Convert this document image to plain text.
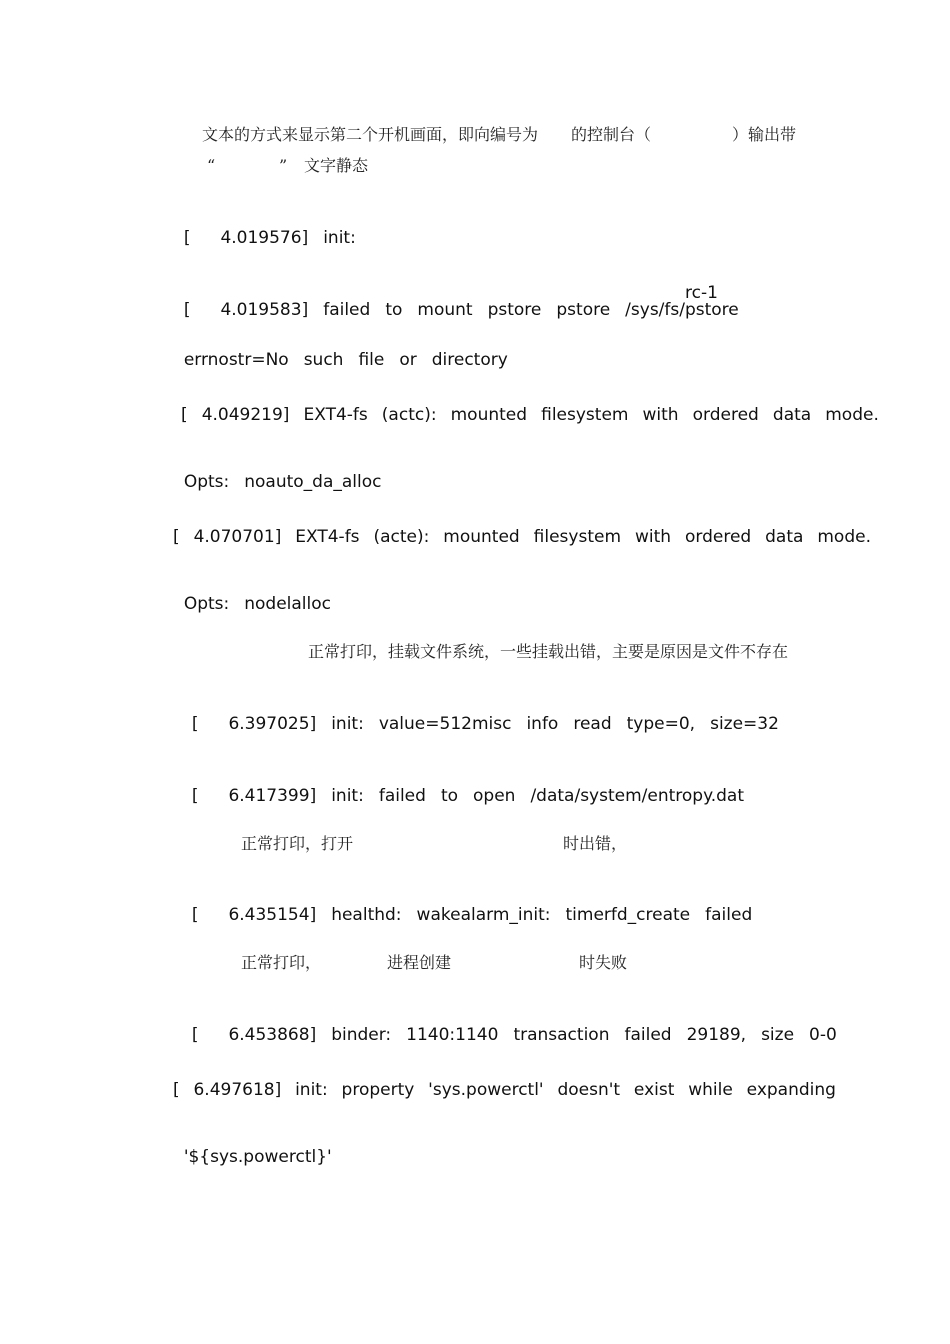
文本的方式来显示第二个开机画面，即向编号为 的控制台（	）输出带
“	” 文字静态

[ 4.019576] init:

[ 4.019583] failed to mount pstore pstore /sys/fs/pstore

rc-1

errnostr=No such file or directory

[ 4.049219] EXT4-fs (actc): mounted filesystem with ordered data mode.

Opts: noauto_da_alloc

[ 4.070701] EXT4-fs (acte): mounted filesystem with ordered data mode.

Opts: nodelalloc

正常打印，挂载文件系统，一些挂载出错，主要是原因是文件不存在

[ 6.397025] init: value=512misc info read type=0, size=32

[ 6.417399] init: failed to open /data/system/entropy.dat

正常打印，打开	时出错，

[ 6.435154] healthd: wakealarm_init: timerfd_create failed

正常打印，	进程创建	时失败

[ 6.453868] binder: 1140:1140 transaction failed 29189, size 0-0

[ 6.497618] init: property 'sys.powerctl' doesn't exist while expanding

'${sys.powerctl}'
